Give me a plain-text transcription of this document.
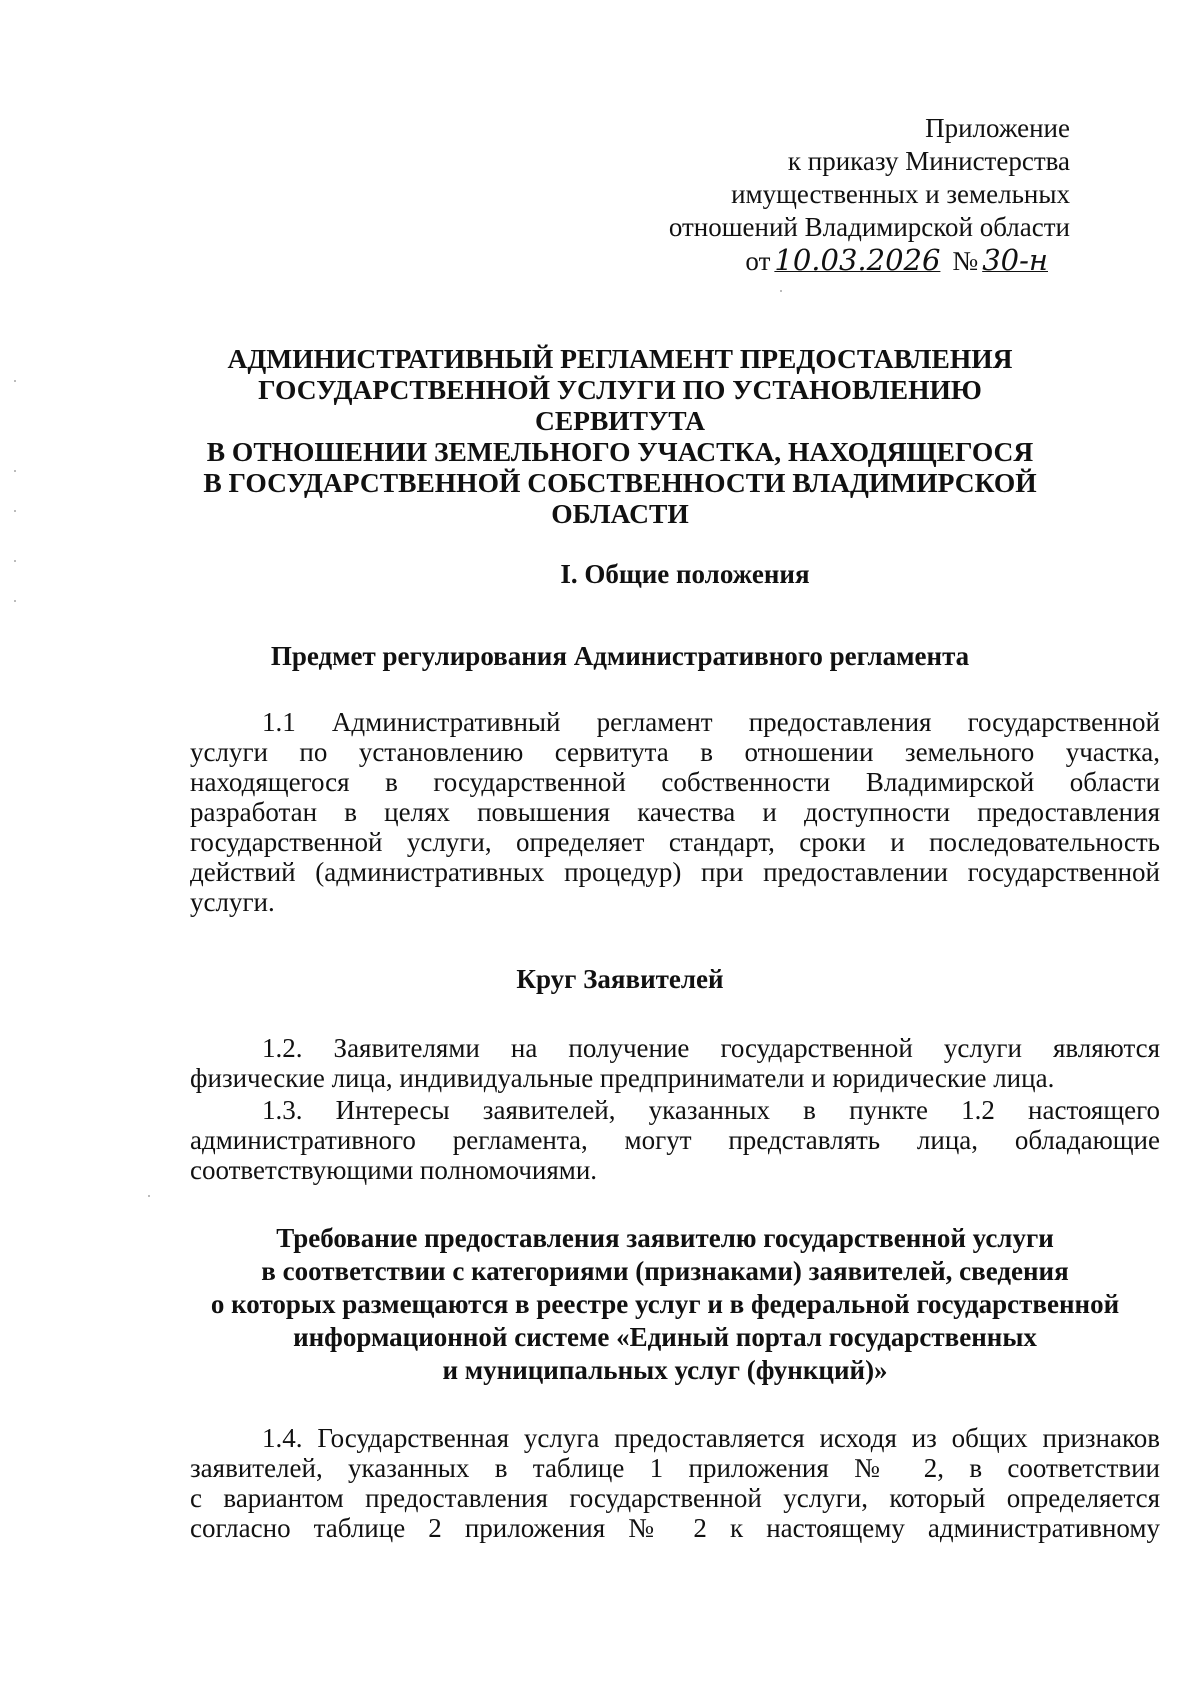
Приложение
к приказу Министерства
имущественных и земельных
отношений Владимирской области
от 10.03.2026 № 30-н
АДМИНИСТРАТИВНЫЙ РЕГЛАМЕНТ ПРЕДОСТАВЛЕНИЯ
ГОСУДАРСТВЕННОЙ УСЛУГИ ПО УСТАНОВЛЕНИЮ СЕРВИТУТА
В ОТНОШЕНИИ ЗЕМЕЛЬНОГО УЧАСТКА, НАХОДЯЩЕГОСЯ
В ГОСУДАРСТВЕННОЙ СОБСТВЕННОСТИ ВЛАДИМИРСКОЙ
ОБЛАСТИ
I. Общие положения
Предмет регулирования Административного регламента
1.1 Административный регламент предоставления государственной
услуги по установлению сервитута в отношении земельного участка,
находящегося в государственной собственности Владимирской области
разработан в целях повышения качества и доступности предоставления
государственной услуги, определяет стандарт, сроки и последовательность
действий (административных процедур) при предоставлении государственной
услуги.
Круг Заявителей
1.2. Заявителями на получение государственной услуги являются
физические лица, индивидуальные предприниматели и юридические лица.
1.3. Интересы заявителей, указанных в пункте 1.2 настоящего
административного регламента, могут представлять лица, обладающие
соответствующими полномочиями.
Требование предоставления заявителю государственной услуги
в соответствии с категориями (признаками) заявителей, сведения
о которых размещаются в реестре услуг и в федеральной государственной
информационной системе «Единый портал государственных
и муниципальных услуг (функций)»
1.4. Государственная услуга предоставляется исходя из общих признаков
заявителей, указанных в таблице 1 приложения № 2, в соответствии
с вариантом предоставления государственной услуги, который определяется
согласно таблице 2 приложения № 2 к настоящему административному
